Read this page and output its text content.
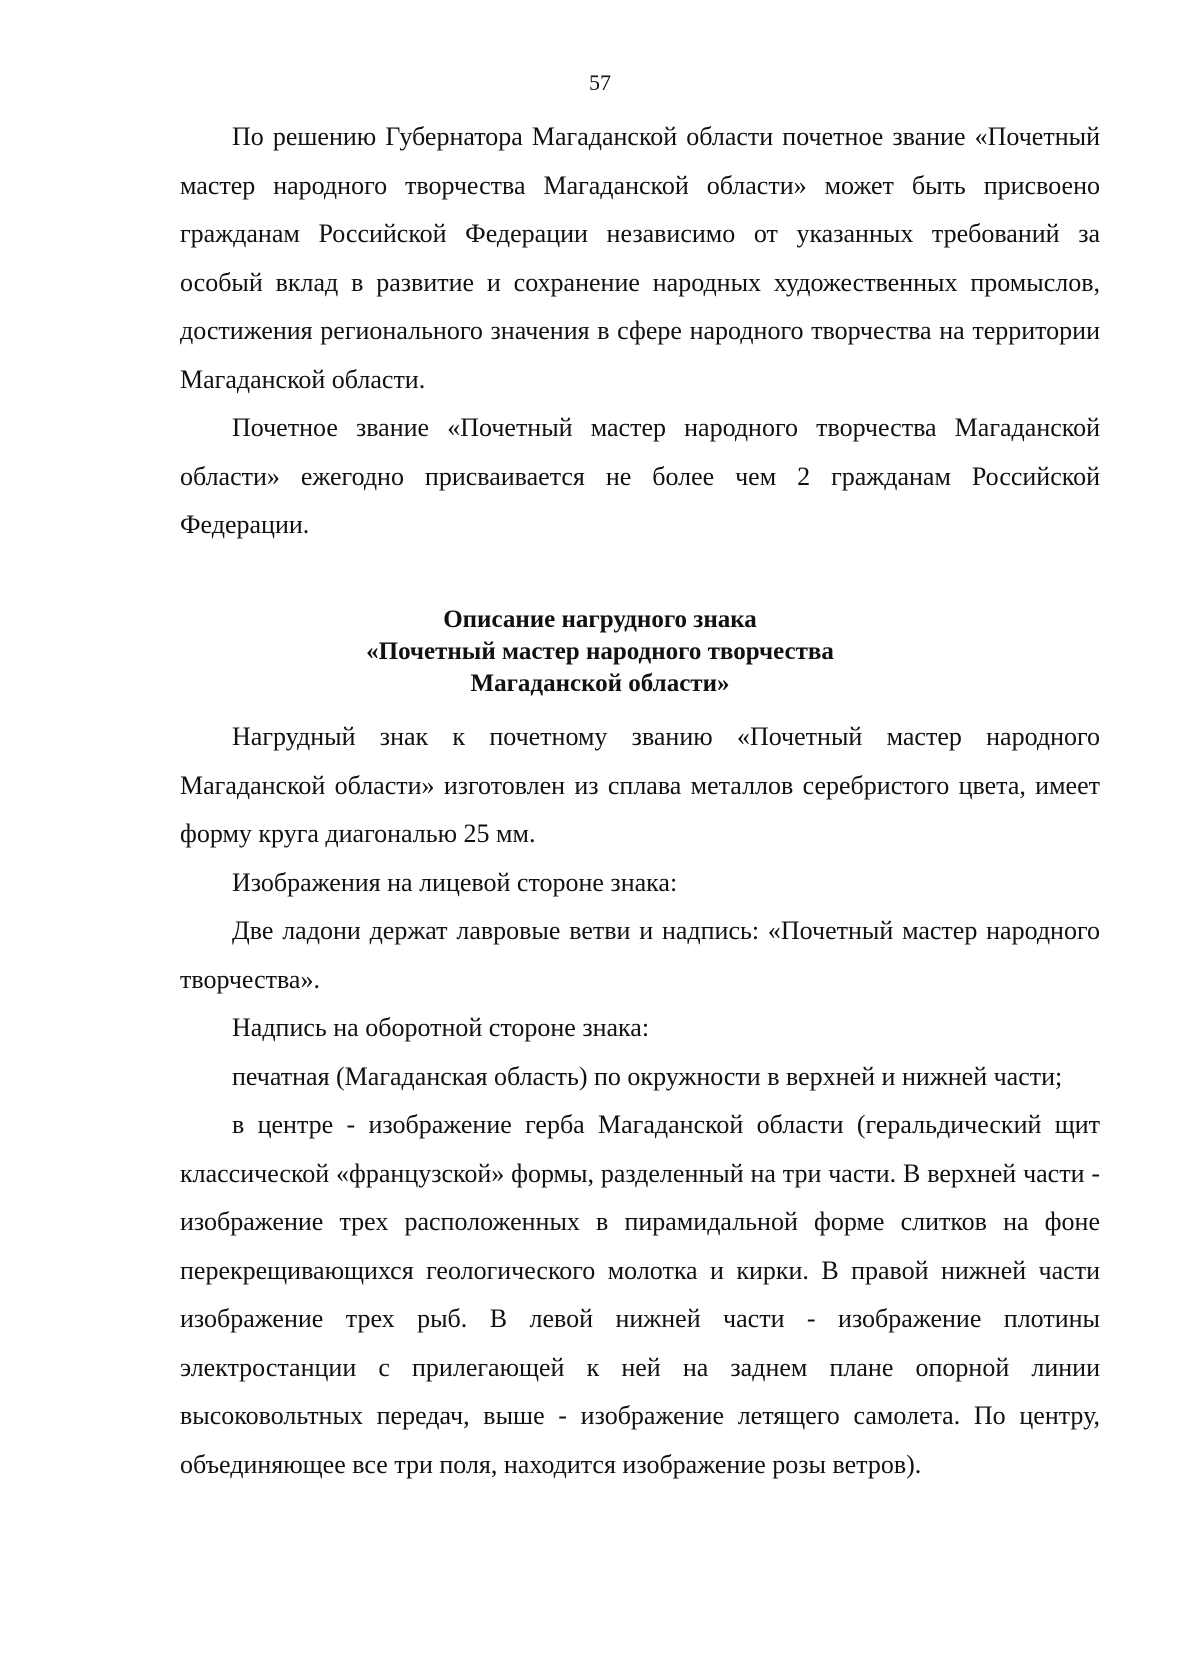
57

По решению Губернатора Магаданской области почетное звание «Почетный мастер народного творчества Магаданской области» может быть присвоено гражданам Российской Федерации независимо от указанных требований за особый вклад в развитие и сохранение народных художественных промыслов, достижения регионального значения в сфере народного творчества на территории Магаданской области.

Почетное звание «Почетный мастер народного творчества Магаданской области» ежегодно присваивается не более чем 2 гражданам Российской Федерации.

Описание нагрудного знака
«Почетный мастер народного творчества
Магаданской области»

Нагрудный знак к почетному званию «Почетный мастер народного Магаданской области» изготовлен из сплава металлов серебристого цвета, имеет форму круга диагональю 25 мм.

Изображения на лицевой стороне знака:

Две ладони держат лавровые ветви и надпись: «Почетный мастер народного творчества».

Надпись на оборотной стороне знака:

печатная (Магаданская область) по окружности в верхней и нижней части;

в центре - изображение герба Магаданской области (геральдический щит классической «французской» формы, разделенный на три части. В верхней части - изображение трех расположенных в пирамидальной форме слитков на фоне перекрещивающихся геологического молотка и кирки. В правой нижней части изображение трех рыб. В левой нижней части - изображение плотины электростанции с прилегающей к ней на заднем плане опорной линии высоковольтных передач, выше - изображение летящего самолета. По центру, объединяющее все три поля, находится изображение розы ветров).
